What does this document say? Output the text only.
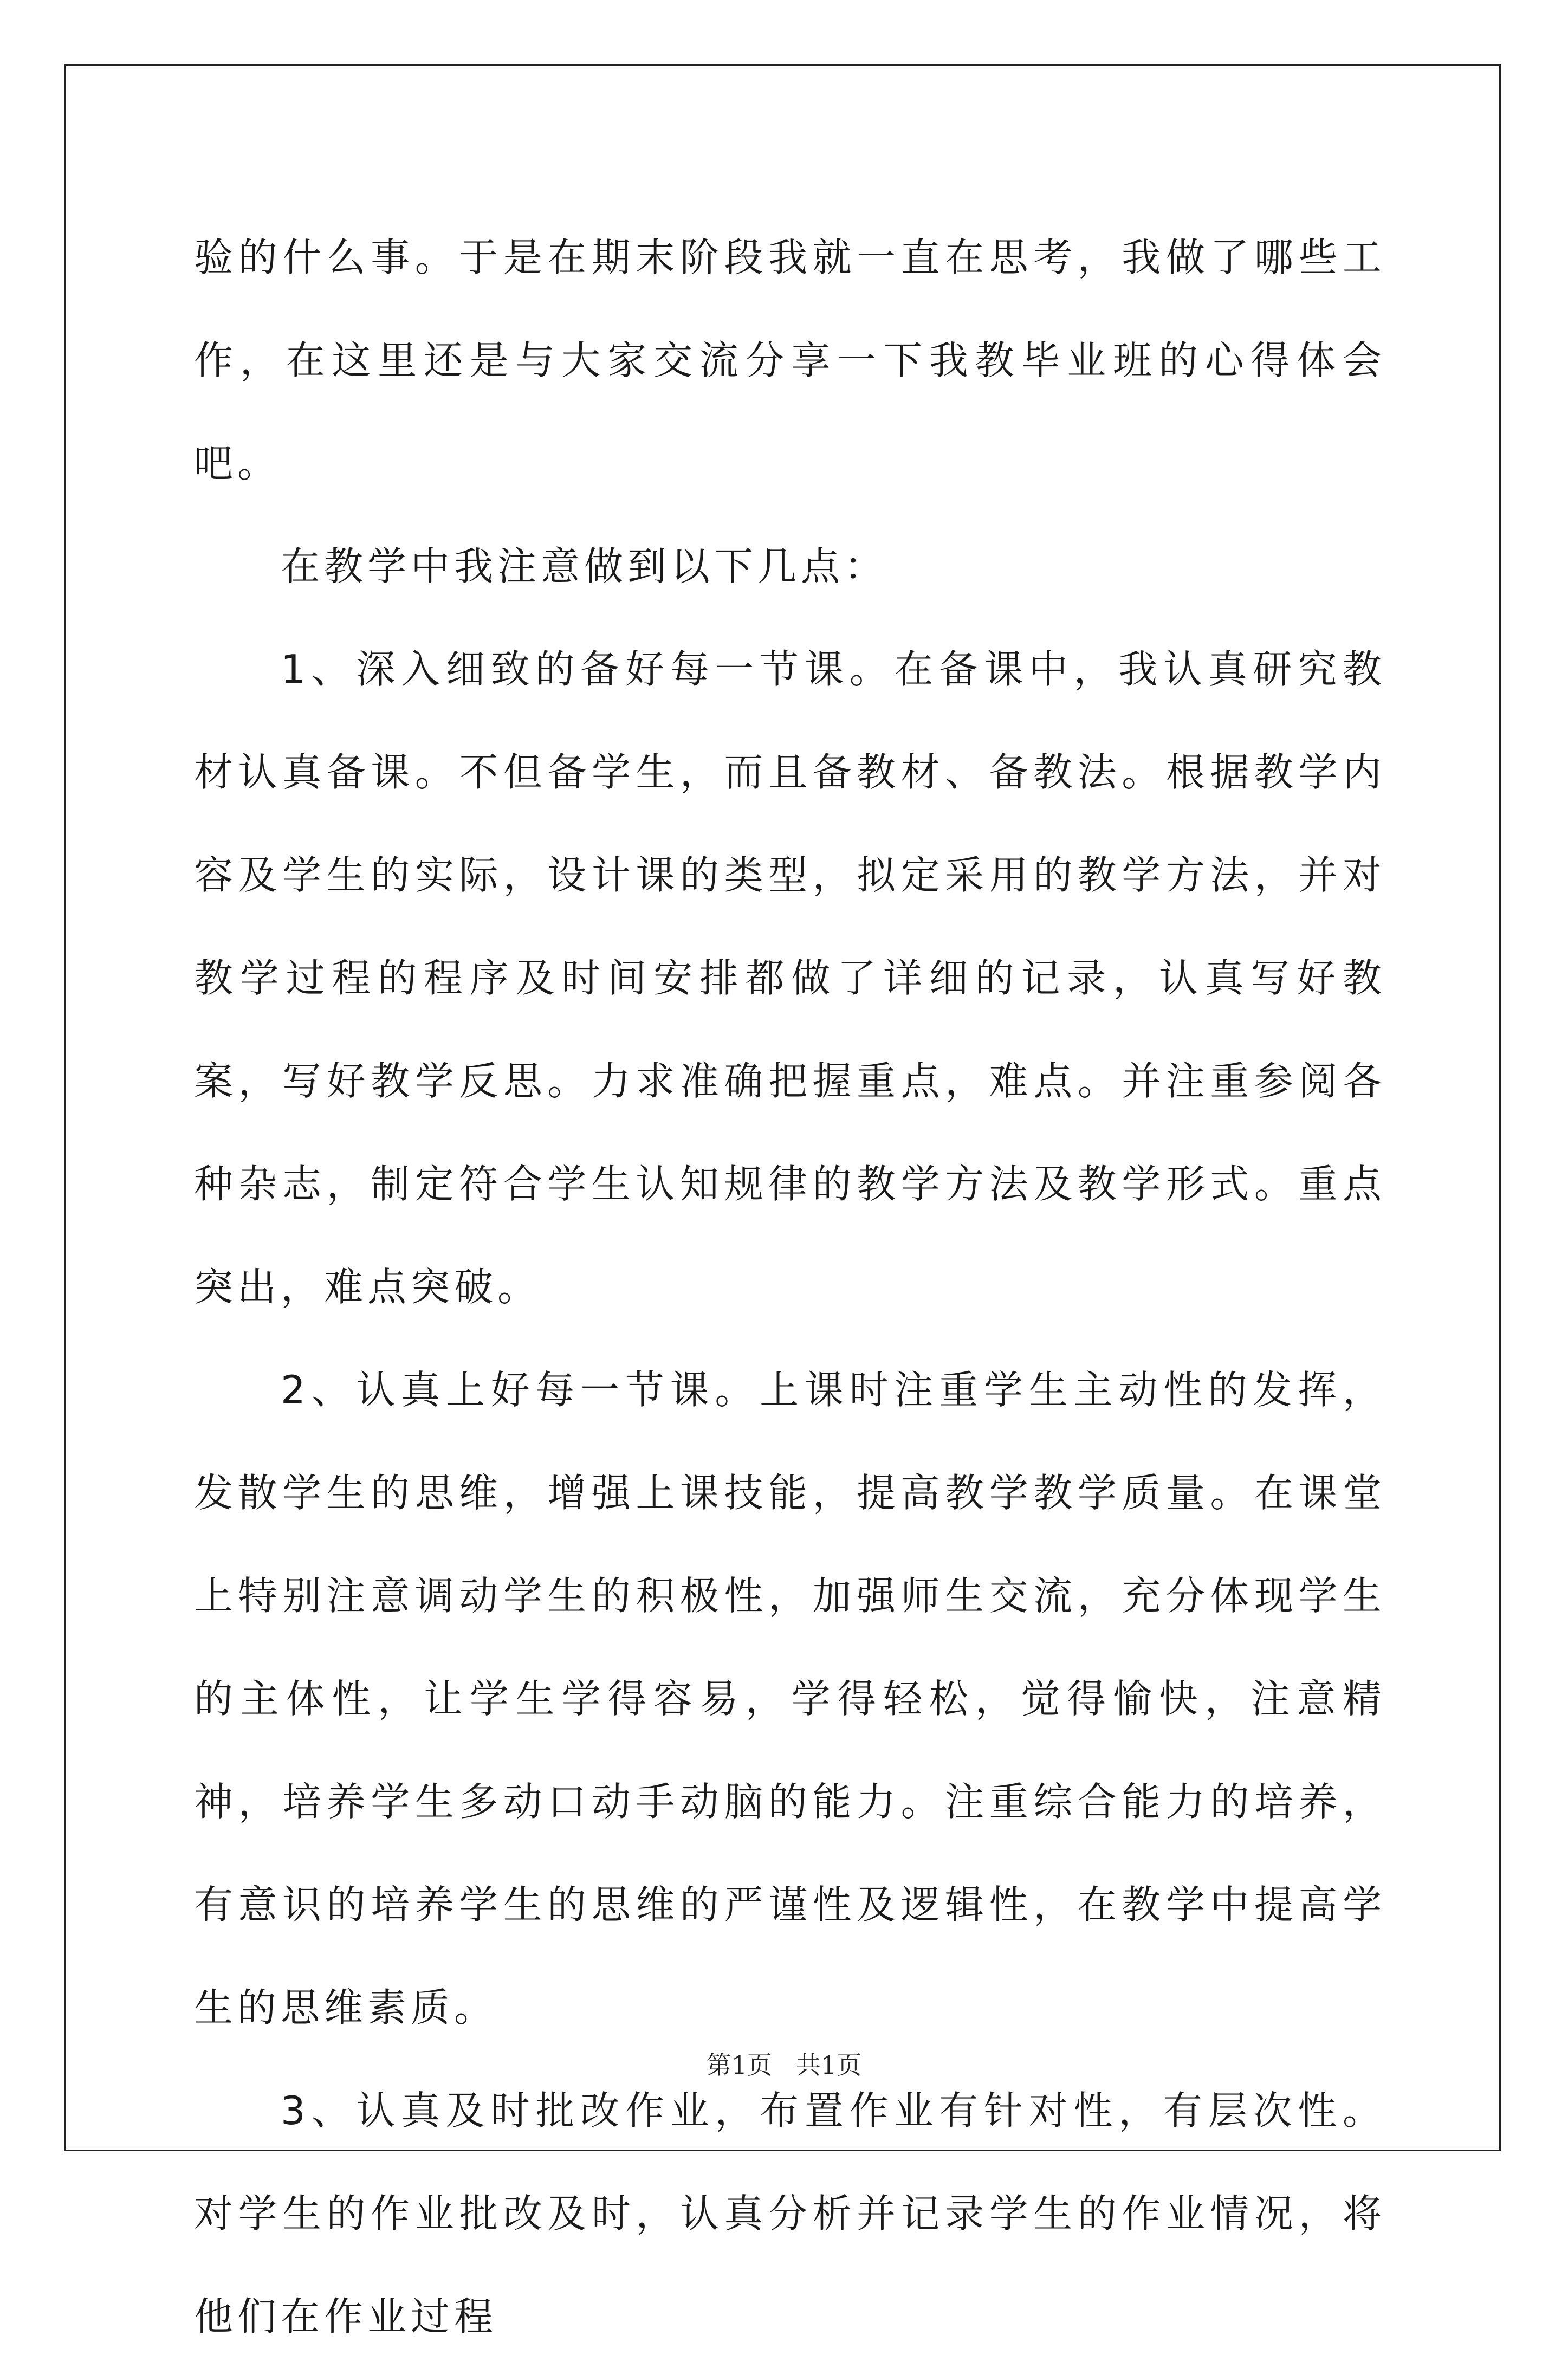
验的什么事。于是在期末阶段我就一直在思考，我做了哪些工作，在这里还是与大家交流分享一下我教毕业班的心得体会吧。

在教学中我注意做到以下几点：

1、深入细致的备好每一节课。在备课中，我认真研究教材认真备课。不但备学生，而且备教材、备教法。根据教学内容及学生的实际，设计课的类型，拟定采用的教学方法，并对教学过程的程序及时间安排都做了详细的记录，认真写好教案，写好教学反思。力求准确把握重点，难点。并注重参阅各种杂志，制定符合学生认知规律的教学方法及教学形式。重点突出，难点突破。

2、认真上好每一节课。上课时注重学生主动性的发挥，发散学生的思维，增强上课技能，提高教学教学质量。在课堂上特别注意调动学生的积极性，加强师生交流，充分体现学生的主体性，让学生学得容易，学得轻松，觉得愉快，注意精神，培养学生多动口动手动脑的能力。注重综合能力的培养，有意识的培养学生的思维的严谨性及逻辑性，在教学中提高学生的思维素质。

3、认真及时批改作业，布置作业有针对性，有层次性。对学生的作业批改及时，认真分析并记录学生的作业情况，将他们在作业过程

第1页 共1页
